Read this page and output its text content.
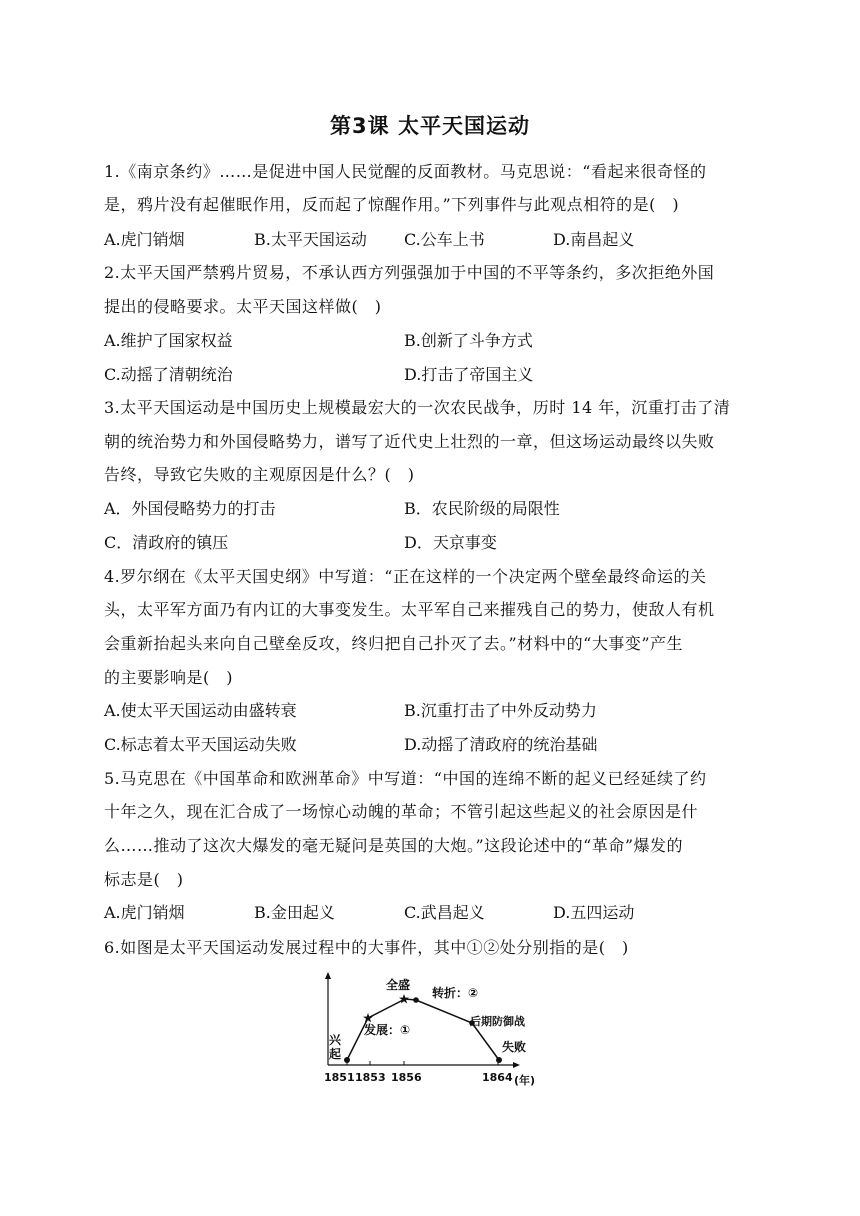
第3课 太平天国运动
1.《南京条约》……是促进中国人民觉醒的反面教材。马克思说：“看起来很奇怪的
是，鸦片没有起催眠作用，反而起了惊醒作用。”下列事件与此观点相符的是(　)
A.虎门销烟	B.太平天国运动 C.公车上书	D.南昌起义
2.太平天国严禁鸦片贸易，不承认西方列强强加于中国的不平等条约，多次拒绝外国
提出的侵略要求。太平天国这样做(　)
A.维护了国家权益	B.创新了斗争方式
C.动摇了清朝统治	D.打击了帝国主义
3.太平天国运动是中国历史上规模最宏大的一次农民战争，历时 14 年，沉重打击了清
朝的统治势力和外国侵略势力，谱写了近代史上壮烈的一章，但这场运动最终以失败
告终，导致它失败的主观原因是什么？(　)
A．外国侵略势力的打击	B．农民阶级的局限性
C．清政府的镇压	D．天京事变
4.罗尔纲在《太平天国史纲》中写道：“正在这样的一个决定两个壁垒最终命运的关
头，太平军方面乃有内讧的大事变发生。太平军自己来摧残自己的势力，使敌人有机
会重新抬起头来向自己壁垒反攻，终归把自己扑灭了去。”材料中的“大事变”产生
的主要影响是(　)
A.使太平天国运动由盛转衰	B.沉重打击了中外反动势力
C.标志着太平天国运动失败	D.动摇了清政府的统治基础
5.马克思在《中国革命和欧洲革命》中写道：“中国的连绵不断的起义已经延续了约
十年之久，现在汇合成了一场惊心动魄的革命；不管引起这些起义的社会原因是什
么……推动了这次大爆发的毫无疑问是英国的大炮。”这段论述中的“革命”爆发的
标志是(　)
A.虎门销烟	B.金田起义	C.武昌起义	D.五四运动
6.如图是太平天国运动发展过程中的大事件，其中①②处分别指的是(　)
兴
起
发展：①
全盛
转折：②
后期防御战
失败
1851 1853 1856	1864 (年)
